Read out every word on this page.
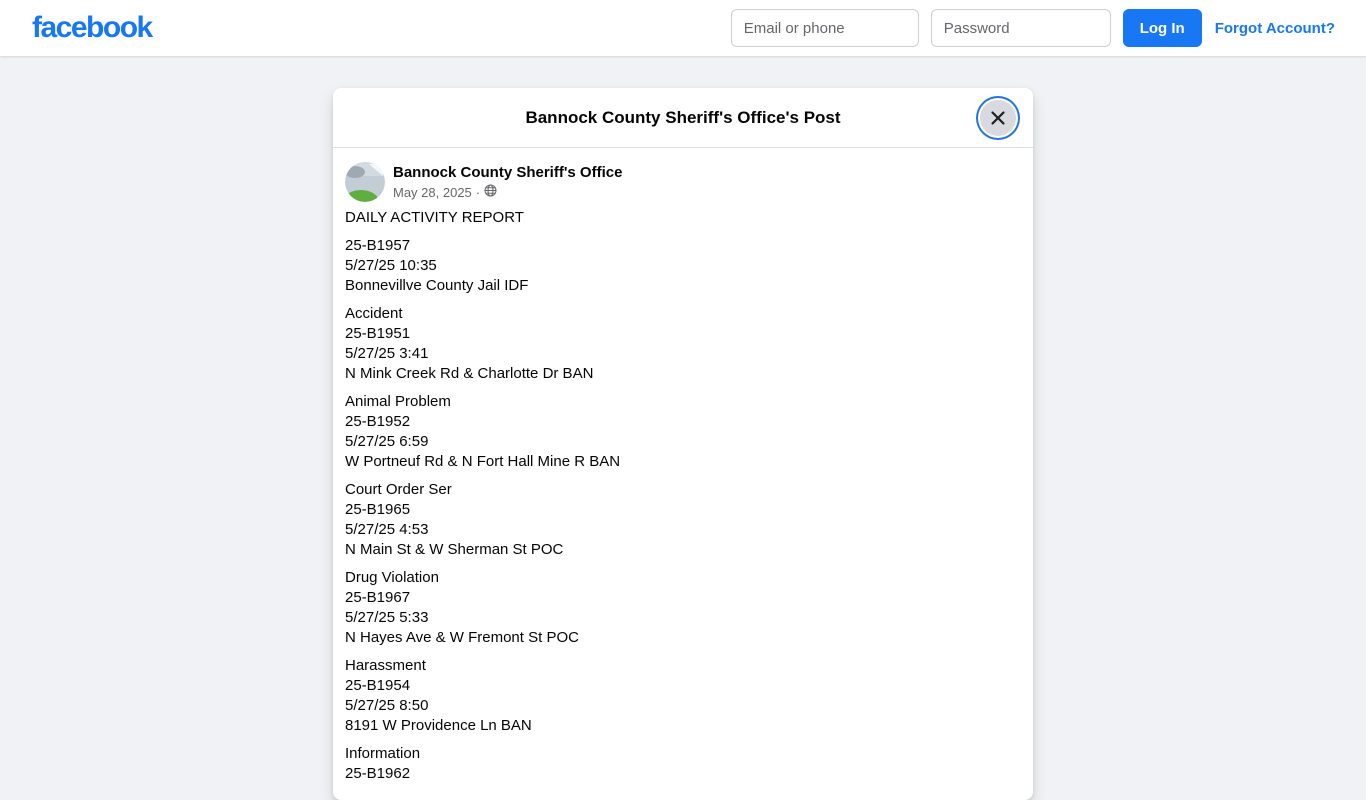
facebook
Email or phone	Log In	Forgot Account?
Bannock County Sheriff's Office's Post
Bannock County Sheriff's Office
May 28, 2025 ·
DAILY ACTIVITY REPORT
25-B1957
5/27/25 10:35
Bonnevillve County Jail IDF
Accident
25-B1951
5/27/25 3:41
N Mink Creek Rd & Charlotte Dr BAN
Animal Problem
25-B1952
5/27/25 6:59
W Portneuf Rd & N Fort Hall Mine R BAN
Court Order Ser
25-B1965
5/27/25 4:53
N Main St & W Sherman St POC
Drug Violation
25-B1967
5/27/25 5:33
N Hayes Ave & W Fremont St POC
Harassment
25-B1954
5/27/25 8:50
8191 W Providence Ln BAN
Information
25-B1962
